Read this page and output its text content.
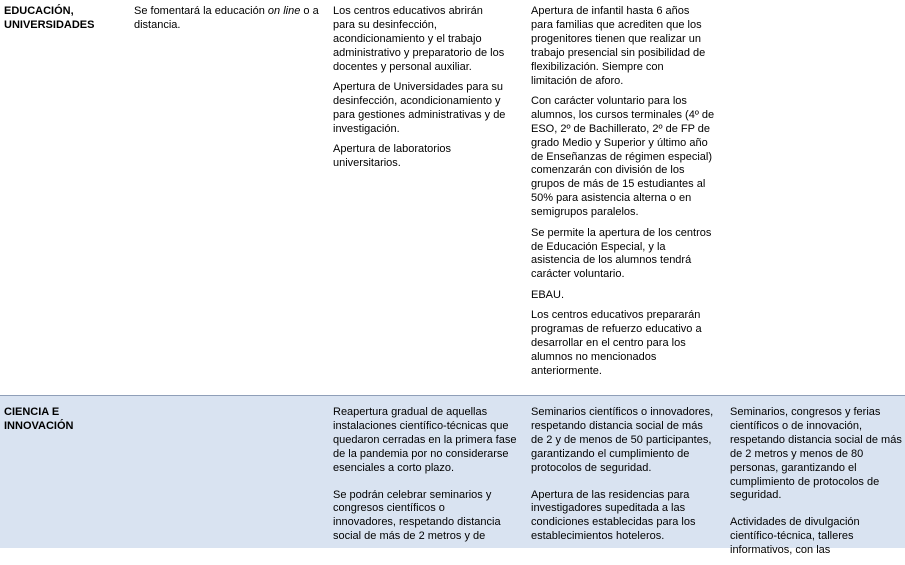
EDUCACIÓN,
UNIVERSIDADES

Se fomentará la educación on line o a distancia.

Los centros educativos abrirán para su desinfección, acondicionamiento y el trabajo administrativo y preparatorio de los docentes y personal auxiliar.

Apertura de Universidades para su desinfección, acondicionamiento y para gestiones administrativas y de investigación.

Apertura de laboratorios universitarios.

Apertura de infantil hasta 6 años para familias que acrediten que los progenitores tienen que realizar un trabajo presencial sin posibilidad de flexibilización. Siempre con limitación de aforo.

Con carácter voluntario para los alumnos, los cursos terminales (4º de ESO, 2º de Bachillerato, 2º de FP de grado Medio y Superior y último año de Enseñanzas de régimen especial) comenzarán con división de los grupos de más de 15 estudiantes al 50% para asistencia alterna o en semigrupos paralelos.

Se permite la apertura de los centros de Educación Especial, y la asistencia de los alumnos tendrá carácter voluntario.

EBAU.

Los centros educativos prepararán programas de refuerzo educativo a desarrollar en el centro para los alumnos no mencionados anteriormente.

CIENCIA E
INNOVACIÓN

Reapertura gradual de aquellas instalaciones científico-técnicas que quedaron cerradas en la primera fase de la pandemia por no considerarse esenciales a corto plazo.

Se podrán celebrar seminarios y congresos científicos o innovadores, respetando distancia social de más de 2 metros y de

Seminarios científicos o innovadores, respetando distancia social de más de 2 y de menos de 50 participantes, garantizando el cumplimiento de protocolos de seguridad.

Apertura de las residencias para investigadores supeditada a las condiciones establecidas para los establecimientos hoteleros.

Seminarios, congresos y ferias científicos o de innovación, respetando distancia social de más de 2 metros y menos de 80 personas, garantizando el cumplimiento de protocolos de seguridad.

Actividades de divulgación científico-técnica, talleres informativos, con las
